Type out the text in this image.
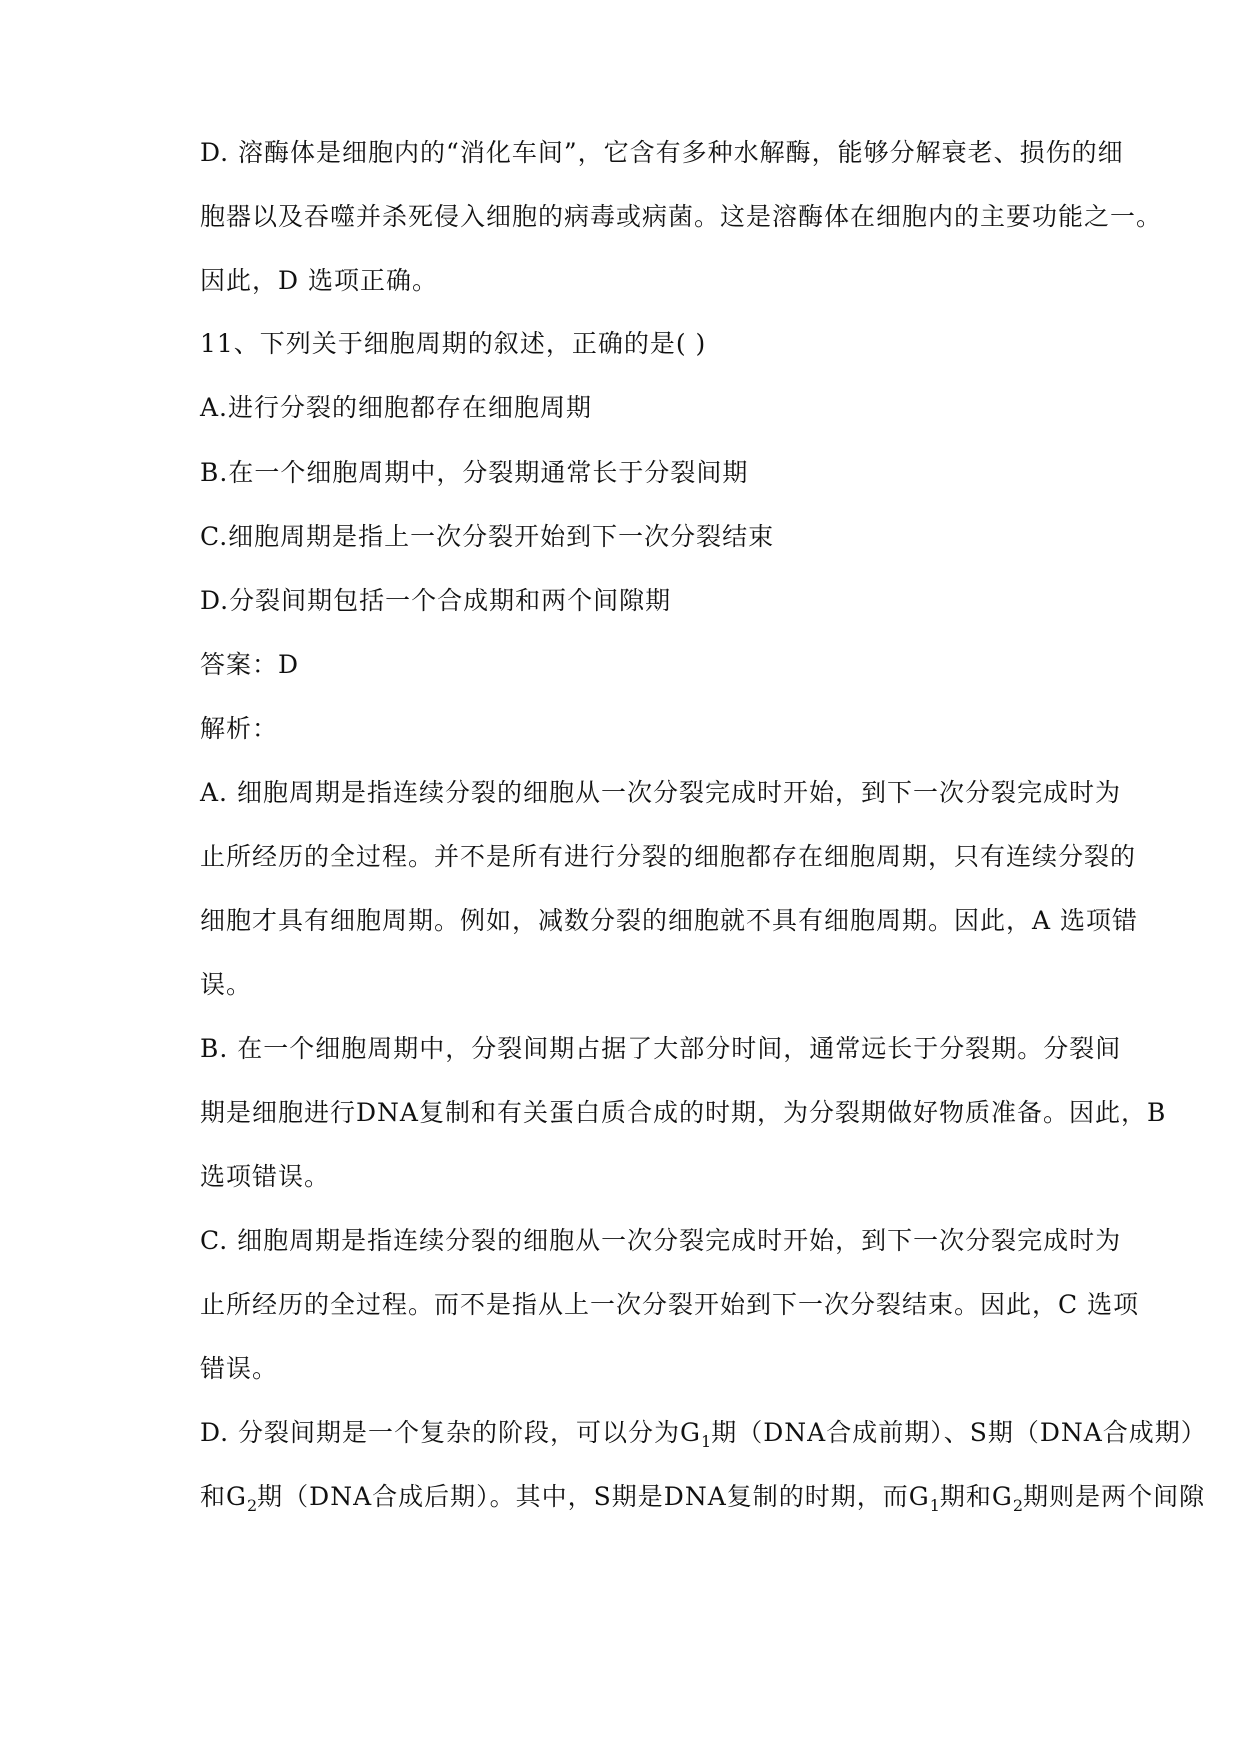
D. 溶酶体是细胞内的“消化车间”，它含有多种水解酶，能够分解衰老、损伤的细
胞器以及吞噬并杀死侵入细胞的病毒或病菌。这是溶酶体在细胞内的主要功能之一。
因此，D 选项正确。
11、下列关于细胞周期的叙述，正确的是( )
A.进行分裂的细胞都存在细胞周期
B.在一个细胞周期中，分裂期通常长于分裂间期
C.细胞周期是指上一次分裂开始到下一次分裂结束
D.分裂间期包括一个合成期和两个间隙期
答案：D
解析：
A. 细胞周期是指连续分裂的细胞从一次分裂完成时开始，到下一次分裂完成时为
止所经历的全过程。并不是所有进行分裂的细胞都存在细胞周期，只有连续分裂的
细胞才具有细胞周期。例如，减数分裂的细胞就不具有细胞周期。因此，A 选项错
误。
B. 在一个细胞周期中，分裂间期占据了大部分时间，通常远长于分裂期。分裂间
期是细胞进行DNA复制和有关蛋白质合成的时期，为分裂期做好物质准备。因此，B
选项错误。
C. 细胞周期是指连续分裂的细胞从一次分裂完成时开始，到下一次分裂完成时为
止所经历的全过程。而不是指从上一次分裂开始到下一次分裂结束。因此，C 选项
错误。
D. 分裂间期是一个复杂的阶段，可以分为$G_1$期（DNA合成前期）、S期（DNA合成期）
和$G_2$期（DNA合成后期）。其中，S期是DNA复制的时期，而$G_1$期和$G_2$期则是两个间隙
